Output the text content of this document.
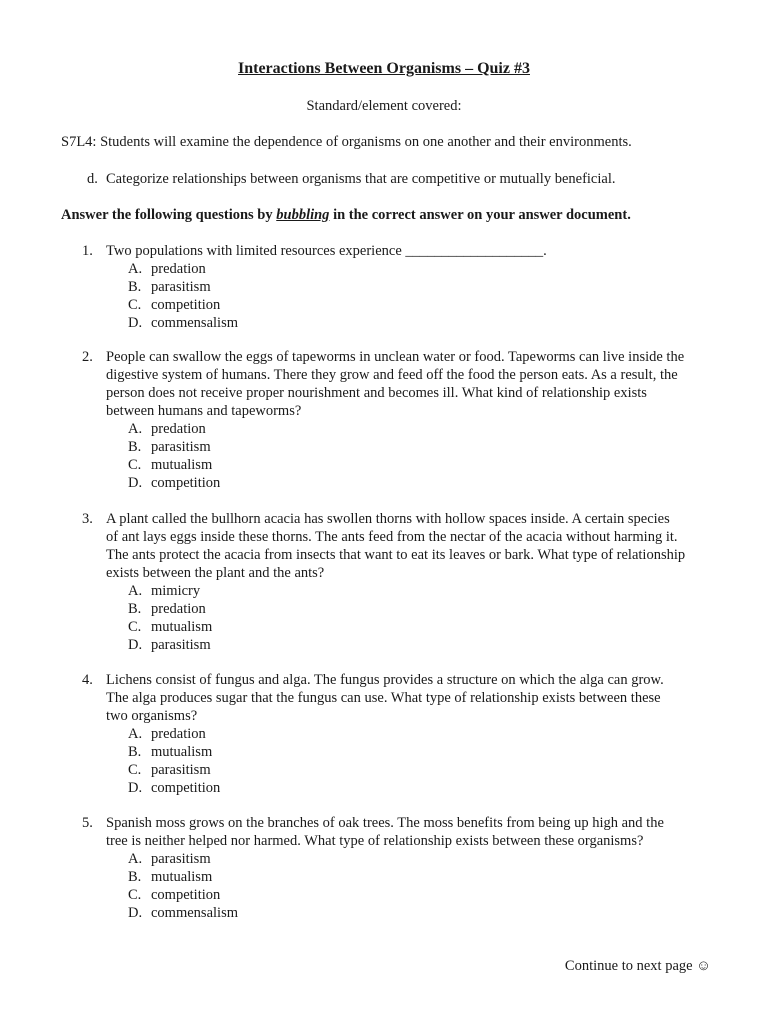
Interactions Between Organisms – Quiz #3
Standard/element covered:
S7L4: Students will examine the dependence of organisms on one another and their environments.
d. Categorize relationships between organisms that are competitive or mutually beneficial.
Answer the following questions by bubbling in the correct answer on your answer document.
1. Two populations with limited resources experience ___________________.
A. predation
B. parasitism
C. competition
D. commensalism
2. People can swallow the eggs of tapeworms in unclean water or food. Tapeworms can live inside the
digestive system of humans. There they grow and feed off the food the person eats. As a result, the
person does not receive proper nourishment and becomes ill. What kind of relationship exists
between humans and tapeworms?
A. predation
B. parasitism
C. mutualism
D. competition
3. A plant called the bullhorn acacia has swollen thorns with hollow spaces inside. A certain species
of ant lays eggs inside these thorns. The ants feed from the nectar of the acacia without harming it.
The ants protect the acacia from insects that want to eat its leaves or bark. What type of relationship
exists between the plant and the ants?
A. mimicry
B. predation
C. mutualism
D. parasitism
4. Lichens consist of fungus and alga. The fungus provides a structure on which the alga can grow.
The alga produces sugar that the fungus can use. What type of relationship exists between these
two organisms?
A. predation
B. mutualism
C. parasitism
D. competition
5. Spanish moss grows on the branches of oak trees. The moss benefits from being up high and the
tree is neither helped nor harmed. What type of relationship exists between these organisms?
A. parasitism
B. mutualism
C. competition
D. commensalism
Continue to next page ☺
